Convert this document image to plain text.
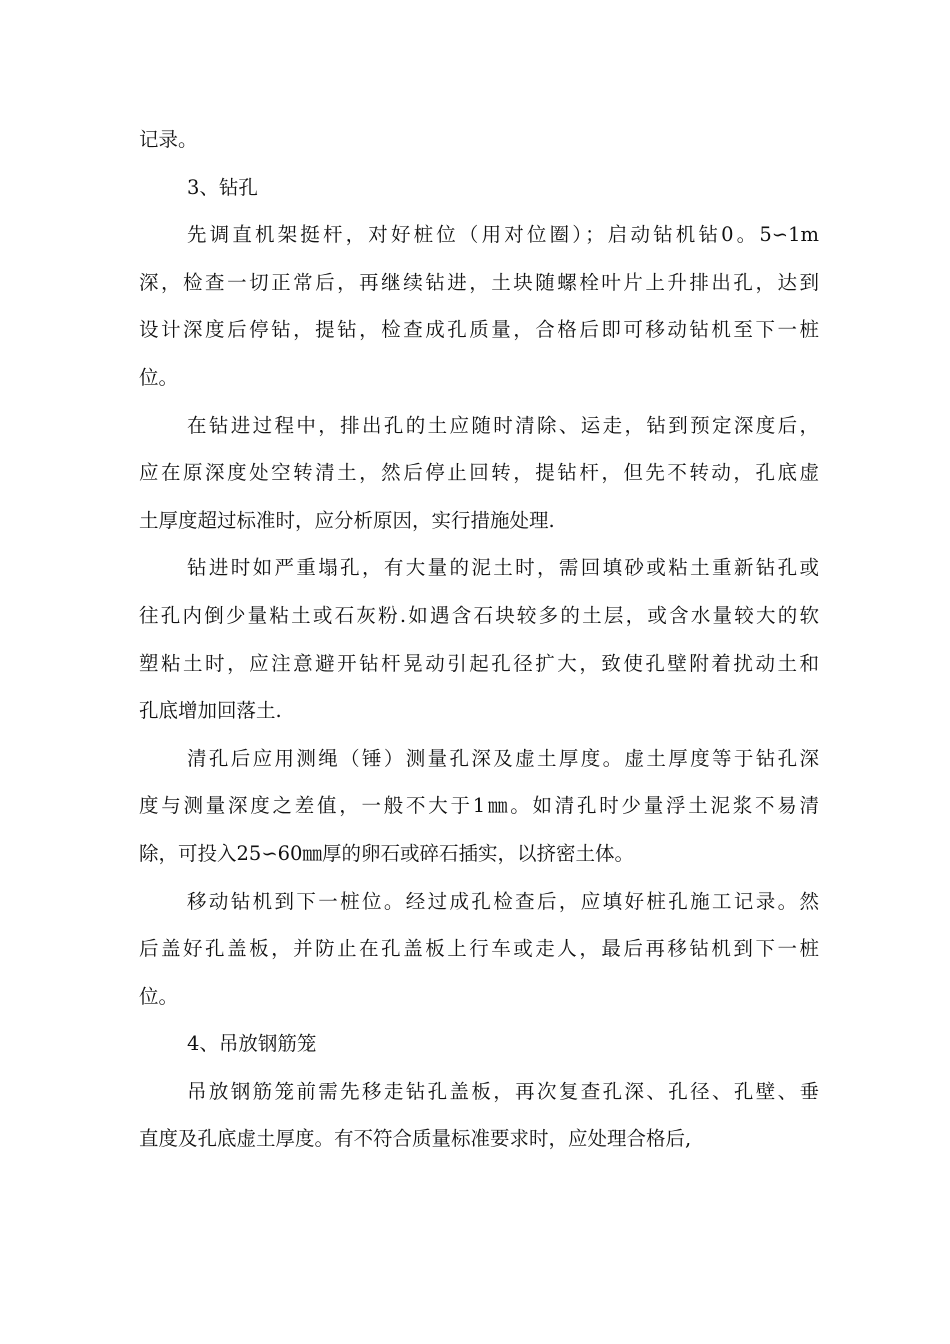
记录。
3、钻孔
先调直机架挺杆，对好桩位（用对位圈）；启动钻机钻0。5∽1m
深，检查一切正常后，再继续钻进，土块随螺栓叶片上升排出孔，达到
设计深度后停钻，提钻，检查成孔质量，合格后即可移动钻机至下一桩
位。
在钻进过程中，排出孔的土应随时清除、运走，钻到预定深度后，
应在原深度处空转清土，然后停止回转，提钻杆，但先不转动，孔底虚
土厚度超过标准时，应分析原因，实行措施处理.
钻进时如严重塌孔，有大量的泥土时，需回填砂或粘土重新钻孔或
往孔内倒少量粘土或石灰粉.如遇含石块较多的土层，或含水量较大的软
塑粘土时，应注意避开钻杆晃动引起孔径扩大，致使孔壁附着扰动土和
孔底增加回落土.
清孔后应用测绳（锤）测量孔深及虚土厚度。虚土厚度等于钻孔深
度与测量深度之差值，一般不大于1㎜。如清孔时少量浮土泥浆不易清
除，可投入25∽60㎜厚的卵石或碎石插实，以挤密土体。
移动钻机到下一桩位。经过成孔检查后，应填好桩孔施工记录。然
后盖好孔盖板，并防止在孔盖板上行车或走人，最后再移钻机到下一桩
位。
4、吊放钢筋笼
吊放钢筋笼前需先移走钻孔盖板，再次复查孔深、孔径、孔壁、垂
直度及孔底虚土厚度。有不符合质量标准要求时，应处理合格后,
